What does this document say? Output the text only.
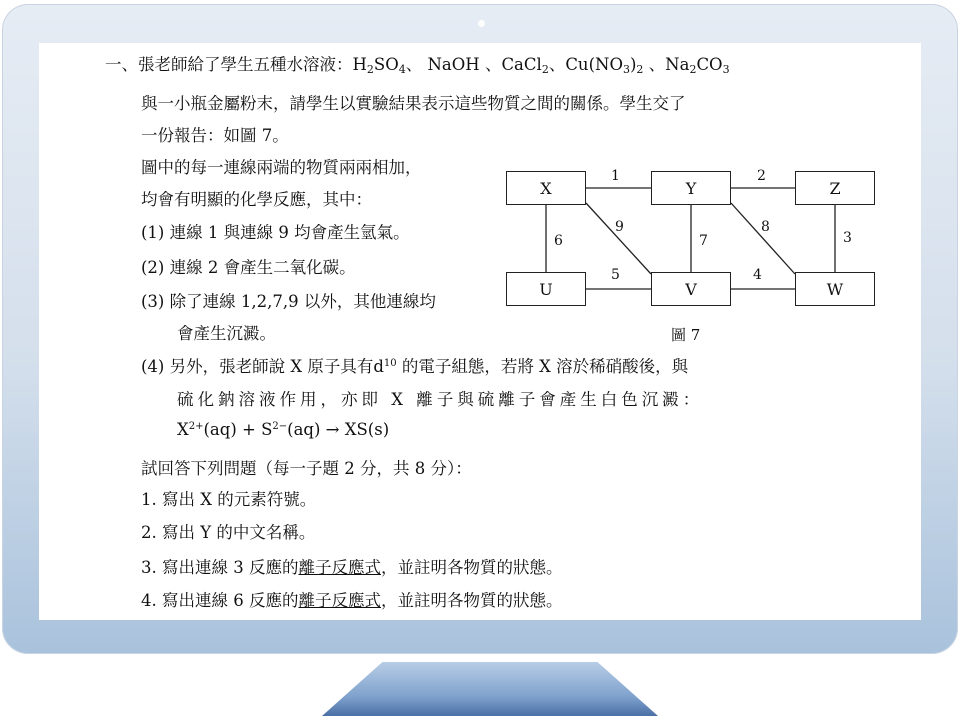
一、張老師給了學生五種水溶液：$H_2SO_4$、 NaOH 、CaCl$_2$、$Cu(NO_3)_2$ 、$Na_2CO_3$
與一小瓶金屬粉末，請學生以實驗結果表示這些物質之間的關係。學生交了
一份報告：如圖 7。
圖中的每一連線兩端的物質兩兩相加，
均會有明顯的化學反應，其中：
(1) 連線 1 與連線 9 均會產生氫氣。
(2) 連線 2 會產生二氧化碳。
(3) 除了連線 1,2,7,9 以外，其他連線均
會產生沉澱。
(4) 另外，張老師說 X 原子具有$d^{10}$ 的電子組態，若將 X 溶於稀硝酸後，與
硫化鈉溶液作用，亦即 X 離子與硫離子會產生白色沉澱：
$X^{2+}(aq) + S^{2-}(aq) \to XS(s)$
試回答下列問題（每一子題 2 分，共 8 分）：
1. 寫出 X 的元素符號。
2. 寫出 Y 的中文名稱。
3. 寫出連線 3 反應的離子反應式，並註明各物質的狀態。
4. 寫出連線 6 反應的離子反應式，並註明各物質的狀態。
X	Y	Z
U	V	W
1	2
3
4
5
6	7
8
9
圖 7
